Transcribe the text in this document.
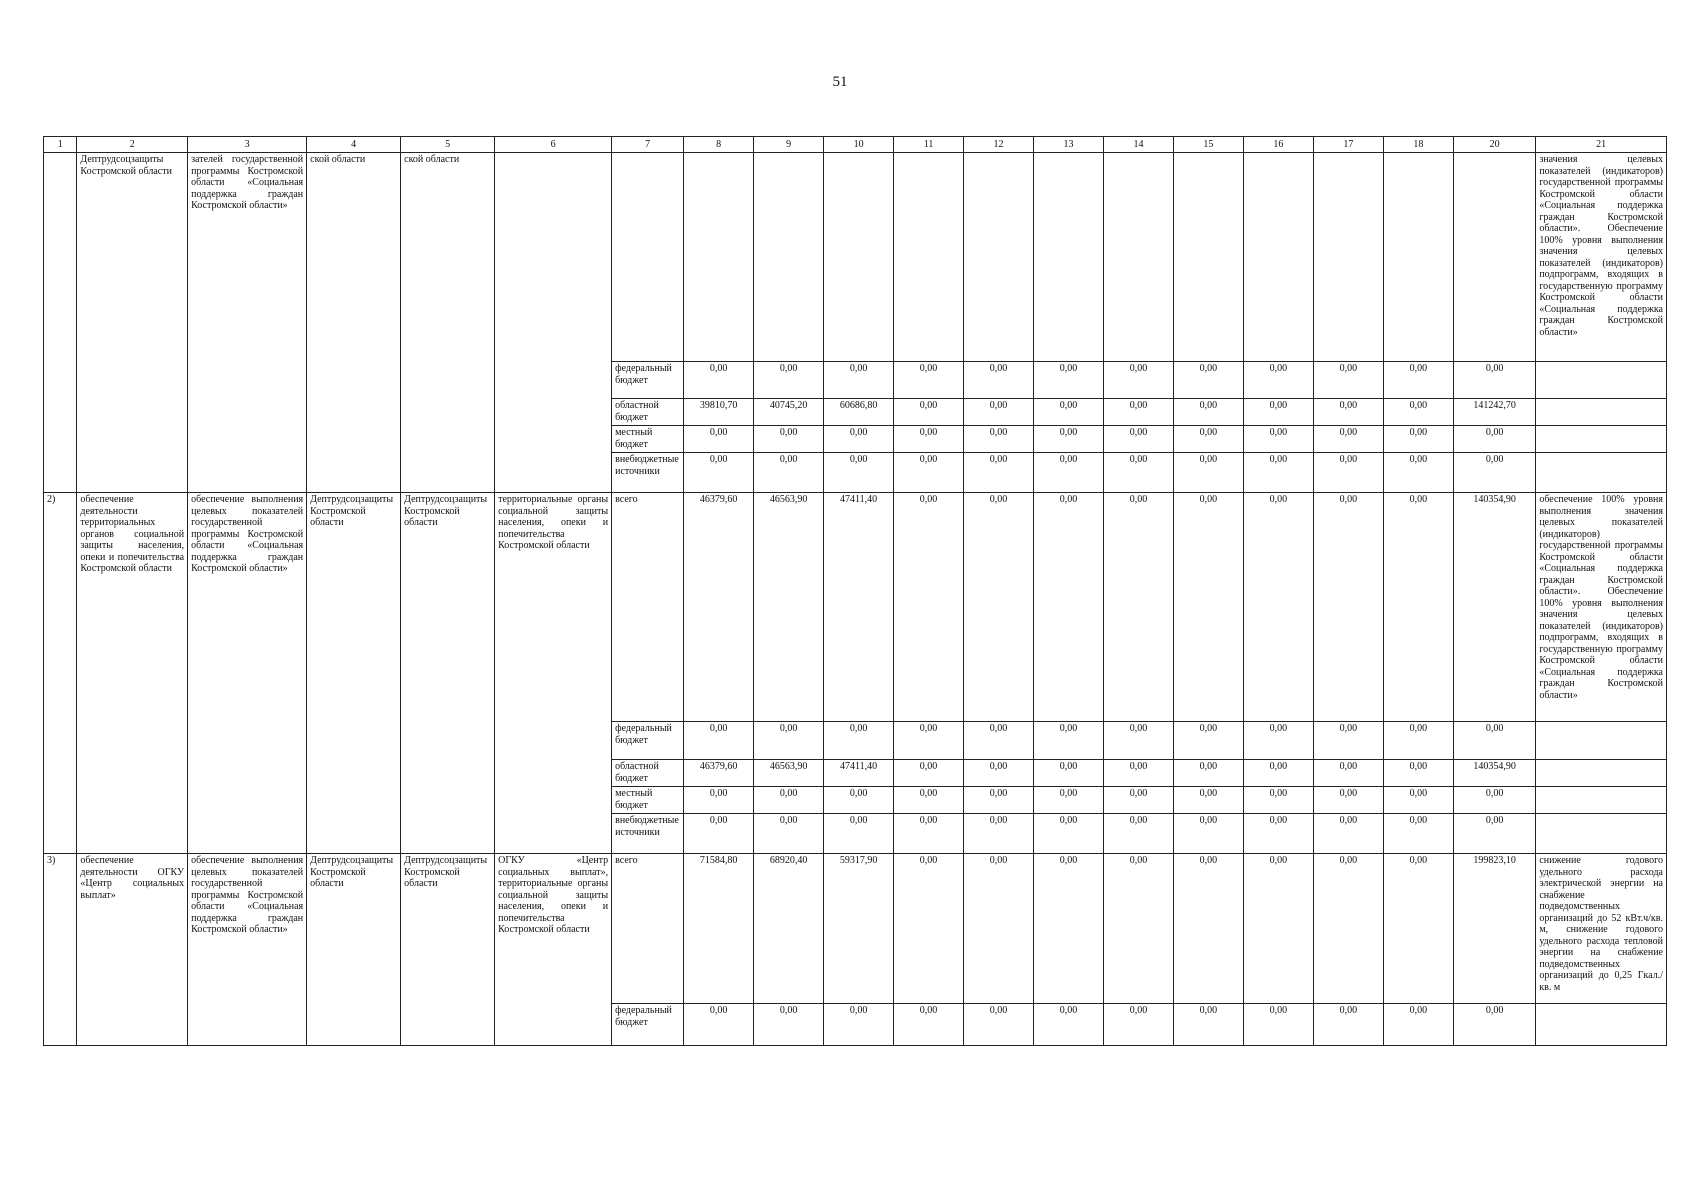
51
1	2	3	4	5	6	7	8	9	10	11	12	13	14	15	16	17	18	20	21
	Дептрудсоцзащиты Костромской области	зателей государственной программы Костромской области «Социальная поддержка граждан Костромской области»	ской области	ской области															значения целевых показателей (индикаторов) государственной программы Костромской области «Социальная поддержка граждан Костромской области». Обеспечение 100% уровня выполнения значения целевых показателей (индикаторов) подпрограмм, входящих в государственную программу Костромской области «Социальная поддержка граждан Костромской области»
						федеральный бюджет	0,00	0,00	0,00	0,00	0,00	0,00	0,00	0,00	0,00	0,00	0,00	0,00	
						областной бюджет	39810,70	40745,20	60686,80	0,00	0,00	0,00	0,00	0,00	0,00	0,00	0,00	141242,70	
						местный бюджет	0,00	0,00	0,00	0,00	0,00	0,00	0,00	0,00	0,00	0,00	0,00	0,00	
						внебюджетные источники	0,00	0,00	0,00	0,00	0,00	0,00	0,00	0,00	0,00	0,00	0,00	0,00	
2)	обеспечение деятельности территориальных органов социальной защиты населения, опеки и попечительства Костромской области	обеспечение выполнения целевых показателей государственной программы Костромской области «Социальная поддержка граждан Костромской области»	Дептрудсоцзащиты Костромской области	Дептрудсоцзащиты Костромской области	территориальные органы социальной защиты населения, опеки и попечительства Костромской области	всего	46379,60	46563,90	47411,40	0,00	0,00	0,00	0,00	0,00	0,00	0,00	0,00	140354,90	обеспечение 100% уровня выполнения значения целевых показателей (индикаторов) государственной программы Костромской области «Социальная поддержка граждан Костромской области». Обеспечение 100% уровня выполнения значения целевых показателей (индикаторов) подпрограмм, входящих в государственную программу Костромской области «Социальная поддержка граждан Костромской области»
						федеральный бюджет	0,00	0,00	0,00	0,00	0,00	0,00	0,00	0,00	0,00	0,00	0,00	0,00	
						областной бюджет	46379,60	46563,90	47411,40	0,00	0,00	0,00	0,00	0,00	0,00	0,00	0,00	140354,90	
						местный бюджет	0,00	0,00	0,00	0,00	0,00	0,00	0,00	0,00	0,00	0,00	0,00	0,00	
						внебюджетные источники	0,00	0,00	0,00	0,00	0,00	0,00	0,00	0,00	0,00	0,00	0,00	0,00	
3)	обеспечение деятельности ОГКУ «Центр социальных выплат»	обеспечение выполнения целевых показателей государственной программы Костромской области «Социальная поддержка граждан Костромской области»	Дептрудсоцзащиты Костромской области	Дептрудсоцзащиты Костромской области	ОГКУ «Центр социальных выплат», территориальные органы социальной защиты населения, опеки и попечительства Костромской области	всего	71584,80	68920,40	59317,90	0,00	0,00	0,00	0,00	0,00	0,00	0,00	0,00	199823,10	снижение годового удельного расхода электрической энергии на снабжение подведомственных организаций до 52 кВт.ч/кв. м, снижение годового удельного расхода тепловой энергии на снабжение подведомственных организаций до 0,25 Гкал./кв. м
						федеральный бюджет	0,00	0,00	0,00	0,00	0,00	0,00	0,00	0,00	0,00	0,00	0,00	0,00	
